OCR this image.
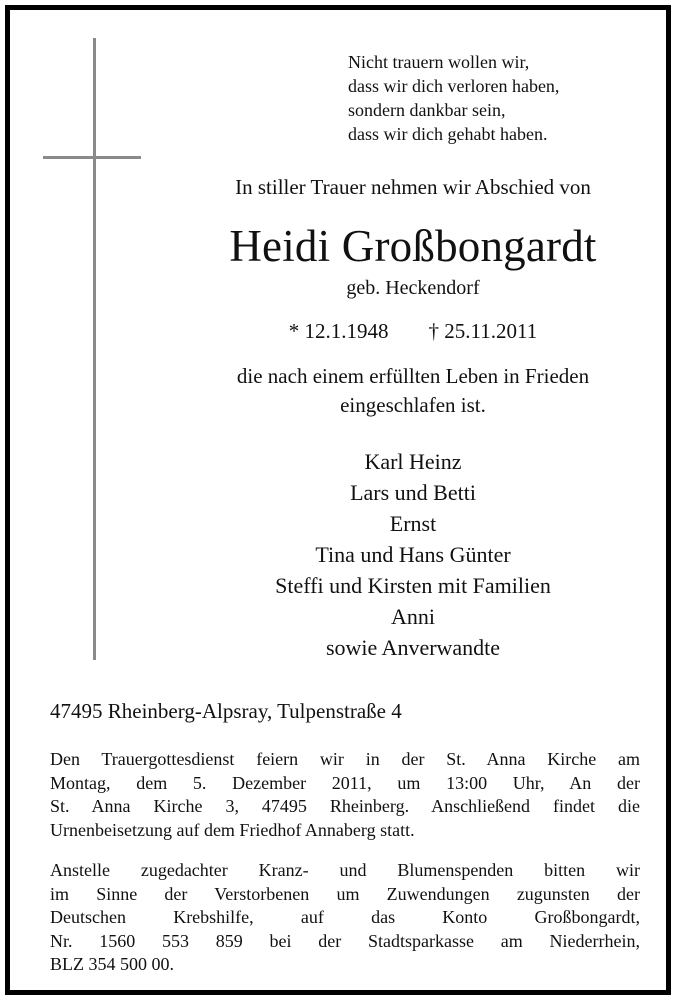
Nicht trauern wollen wir,
dass wir dich verloren haben,
sondern dankbar sein,
dass wir dich gehabt haben.
In stiller Trauer nehmen wir Abschied von
Heidi Großbongardt
geb. Heckendorf
* 12.1.1948 † 25.11.2011
die nach einem erfüllten Leben in Frieden
eingeschlafen ist.
Karl Heinz
Lars und Betti
Ernst
Tina und Hans Günter
Steffi und Kirsten mit Familien
Anni
sowie Anverwandte
47495 Rheinberg-Alpsray, Tulpenstraße 4
Den Trauergottesdienst feiern wir in der St. Anna Kirche am
Montag, dem 5. Dezember 2011, um 13:00 Uhr, An der
St. Anna Kirche 3, 47495 Rheinberg. Anschließend findet die
Urnenbeisetzung auf dem Friedhof Annaberg statt.
Anstelle zugedachter Kranz- und Blumenspenden bitten wir
im Sinne der Verstorbenen um Zuwendungen zugunsten der
Deutschen Krebshilfe, auf das Konto Großbongardt,
Nr. 1560 553 859 bei der Stadtsparkasse am Niederrhein,
BLZ 354 500 00.
